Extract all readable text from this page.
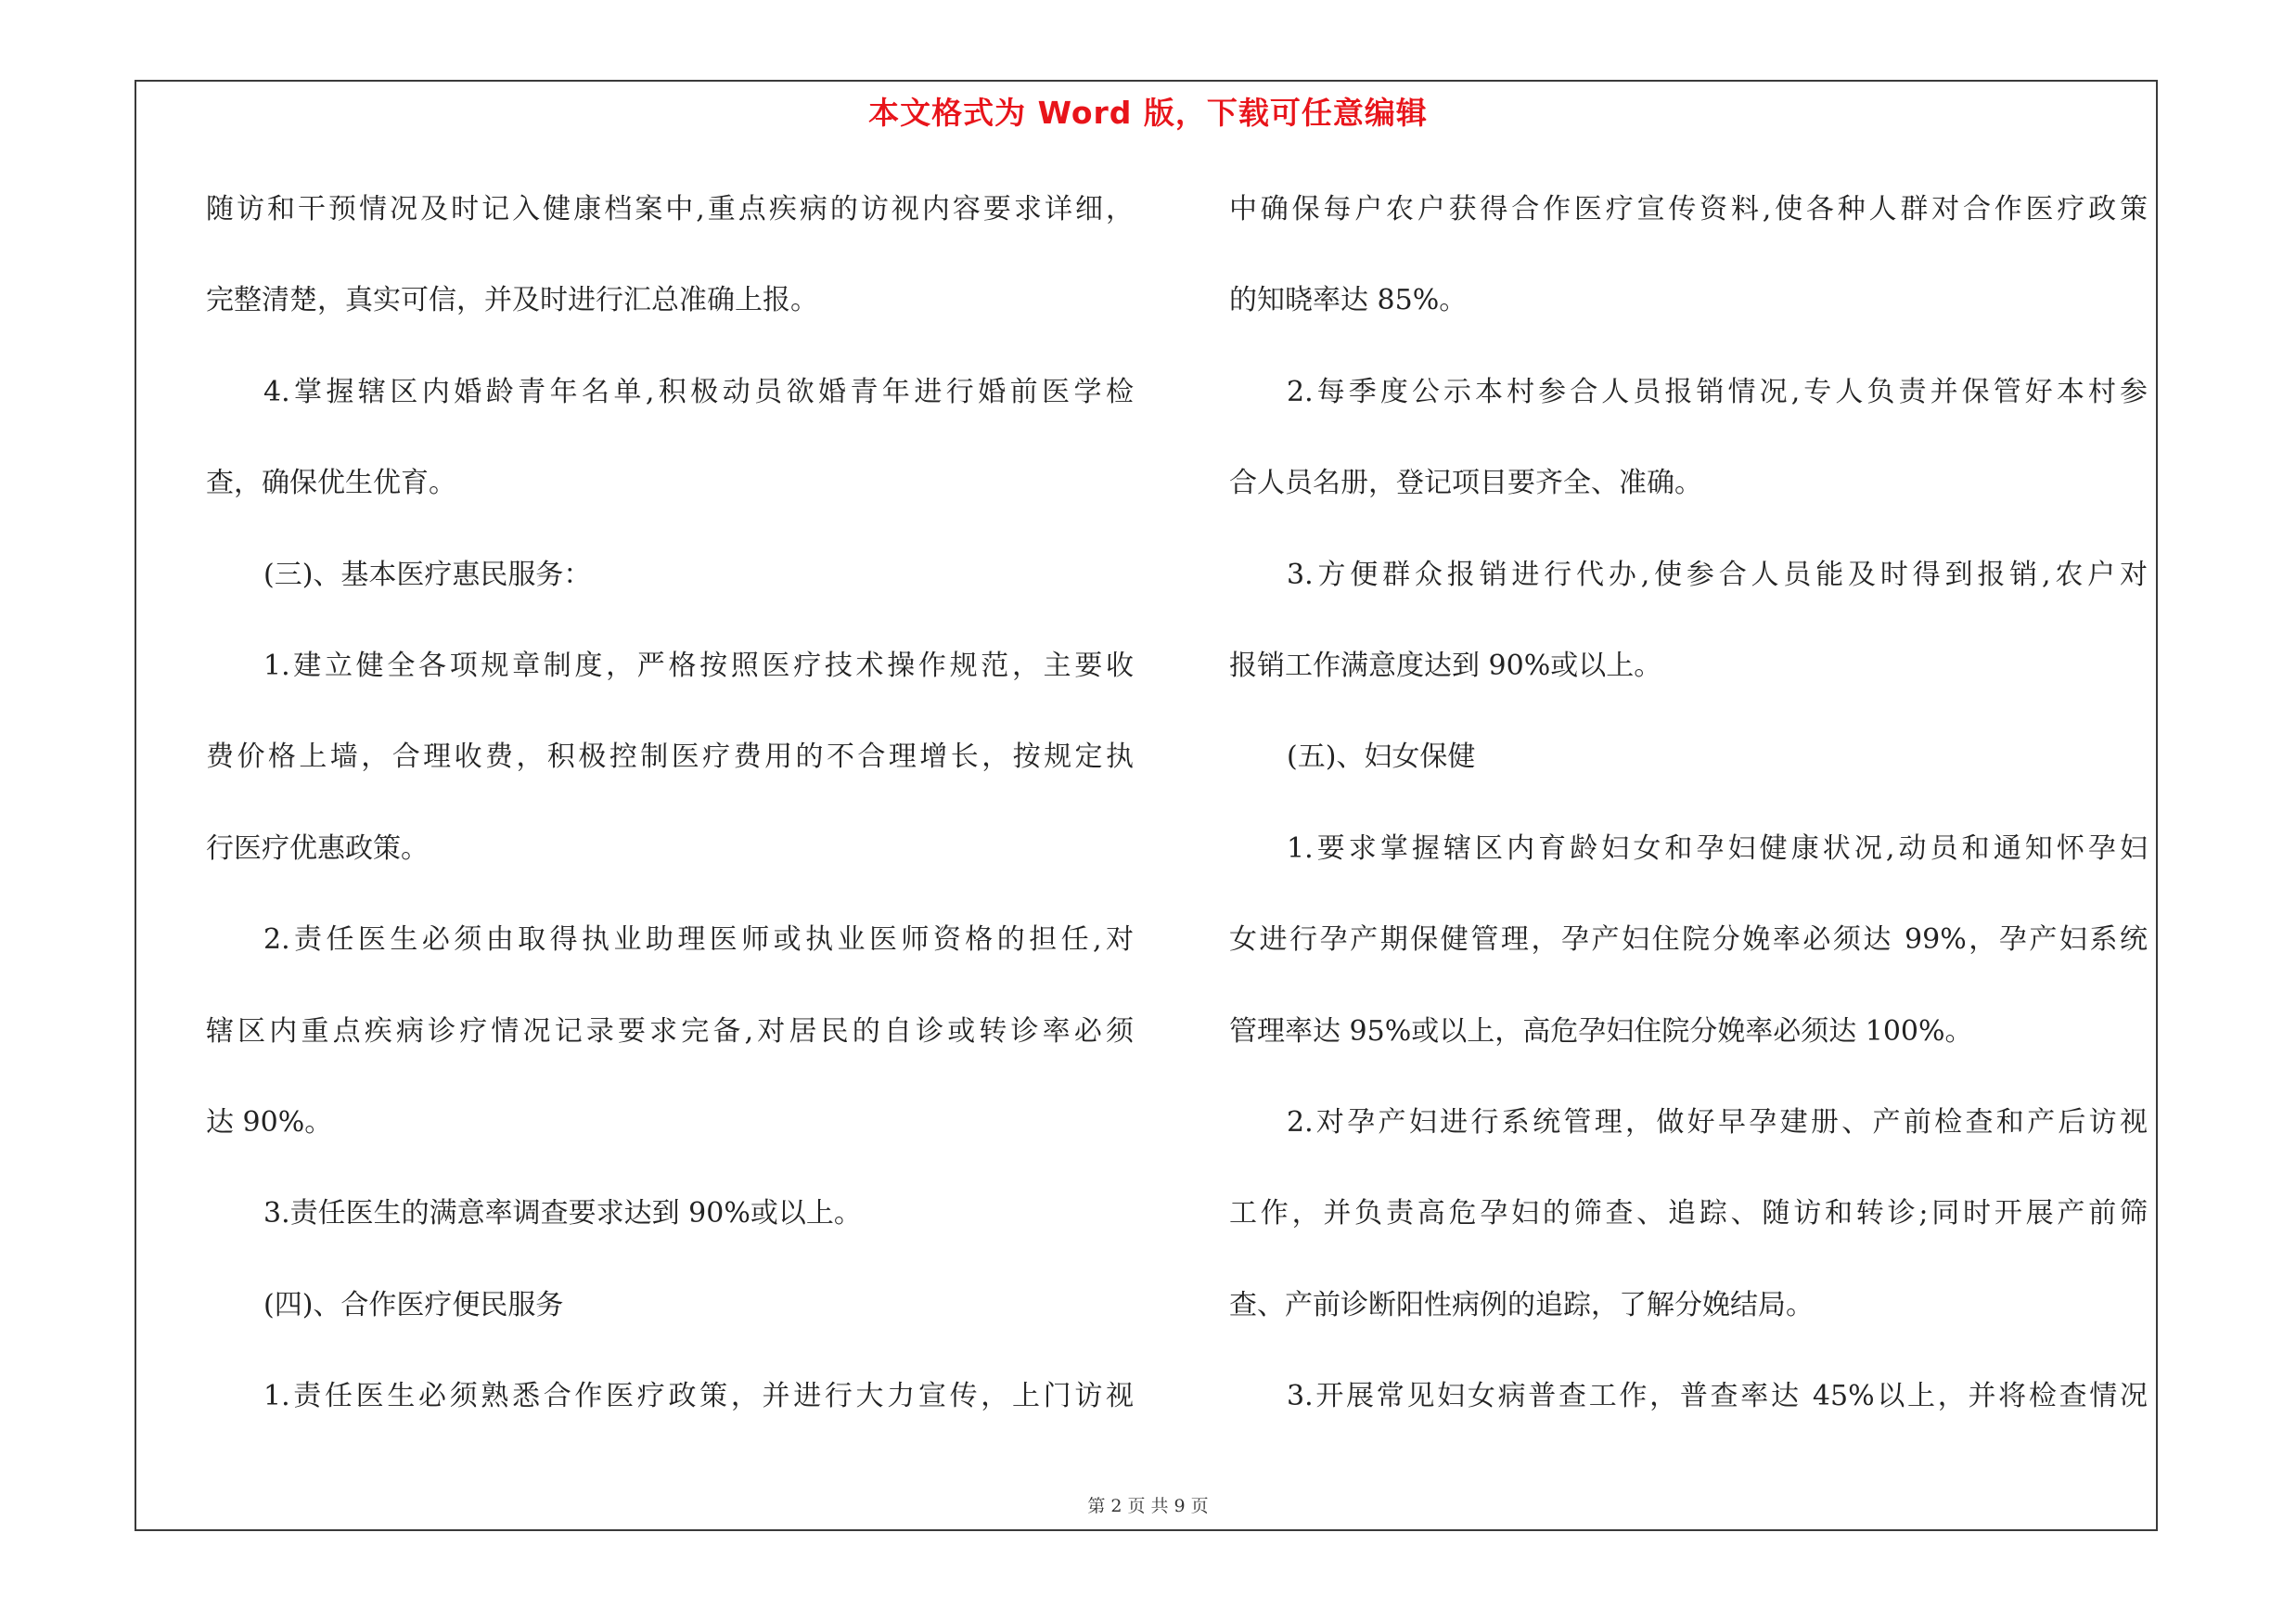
本文格式为 Word 版，下载可任意编辑
随访和干预情况及时记入健康档案中,重点疾病的访视内容要求详细，
完整清楚，真实可信，并及时进行汇总准确上报。
4.掌握辖区内婚龄青年名单,积极动员欲婚青年进行婚前医学检
查，确保优生优育。
(三)、基本医疗惠民服务：
1.建立健全各项规章制度，严格按照医疗技术操作规范，主要收
费价格上墙，合理收费，积极控制医疗费用的不合理增长，按规定执
行医疗优惠政策。
2.责任医生必须由取得执业助理医师或执业医师资格的担任,对
辖区内重点疾病诊疗情况记录要求完备,对居民的自诊或转诊率必须
达 90%。
3.责任医生的满意率调查要求达到 90%或以上。
(四)、合作医疗便民服务
1.责任医生必须熟悉合作医疗政策，并进行大力宣传，上门访视
中确保每户农户获得合作医疗宣传资料,使各种人群对合作医疗政策
的知晓率达 85%。
2.每季度公示本村参合人员报销情况,专人负责并保管好本村参
合人员名册，登记项目要齐全、准确。
3.方便群众报销进行代办,使参合人员能及时得到报销,农户对
报销工作满意度达到 90%或以上。
(五)、妇女保健
1.要求掌握辖区内育龄妇女和孕妇健康状况,动员和通知怀孕妇
女进行孕产期保健管理，孕产妇住院分娩率必须达 99%，孕产妇系统
管理率达 95%或以上，高危孕妇住院分娩率必须达 100%。
2.对孕产妇进行系统管理，做好早孕建册、产前检查和产后访视
工作，并负责高危孕妇的筛查、追踪、随访和转诊;同时开展产前筛
查、产前诊断阳性病例的追踪，了解分娩结局。
3.开展常见妇女病普查工作，普查率达 45%以上，并将检查情况
第 2 页 共 9 页
